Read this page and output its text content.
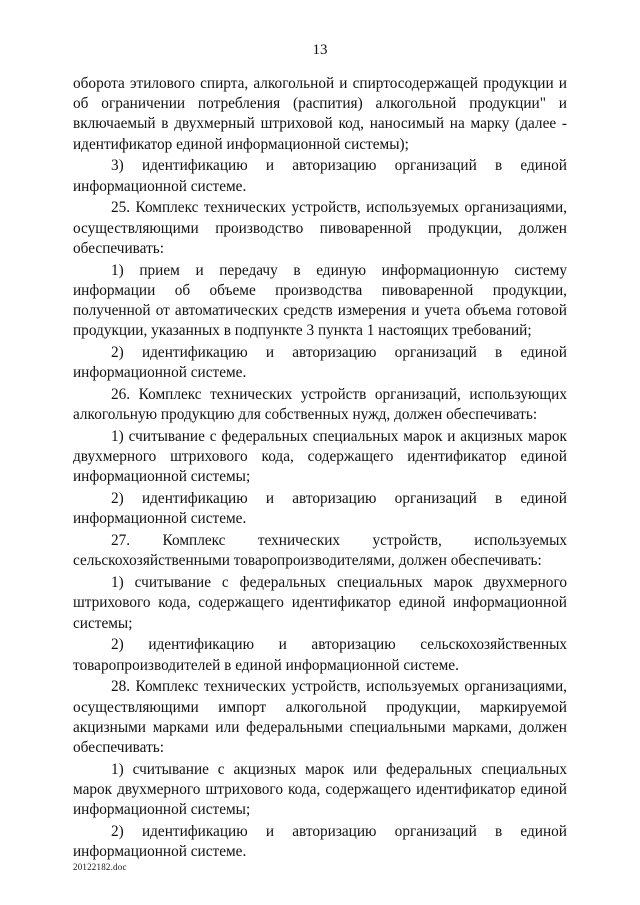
13

оборота этилового спирта, алкогольной и спиртосодержащей продукции и об ограничении потребления (распития) алкогольной продукции" и включаемый в двухмерный штриховой код, наносимый на марку (далее - идентификатор единой информационной системы);

3) идентификацию и авторизацию организаций в единой информационной системе.

25. Комплекс технических устройств, используемых организациями, осуществляющими производство пивоваренной продукции, должен обеспечивать:

1) прием и передачу в единую информационную систему информации об объеме производства пивоваренной продукции, полученной от автоматических средств измерения и учета объема готовой продукции, указанных в подпункте 3 пункта 1 настоящих требований;

2) идентификацию и авторизацию организаций в единой информационной системе.

26. Комплекс технических устройств организаций, использующих алкогольную продукцию для собственных нужд, должен обеспечивать:

1) считывание с федеральных специальных марок и акцизных марок двухмерного штрихового кода, содержащего идентификатор единой информационной системы;

2) идентификацию и авторизацию организаций в единой информационной системе.

27. Комплекс технических устройств, используемых сельскохозяйственными товаропроизводителями, должен обеспечивать:

1) считывание с федеральных специальных марок двухмерного штрихового кода, содержащего идентификатор единой информационной системы;

2) идентификацию и авторизацию сельскохозяйственных товаропроизводителей в единой информационной системе.

28. Комплекс технических устройств, используемых организациями, осуществляющими импорт алкогольной продукции, маркируемой акцизными марками или федеральными специальными марками, должен обеспечивать:

1) считывание с акцизных марок или федеральных специальных марок двухмерного штрихового кода, содержащего идентификатор единой информационной системы;

2) идентификацию и авторизацию организаций в единой информационной системе.

20122182.doc
